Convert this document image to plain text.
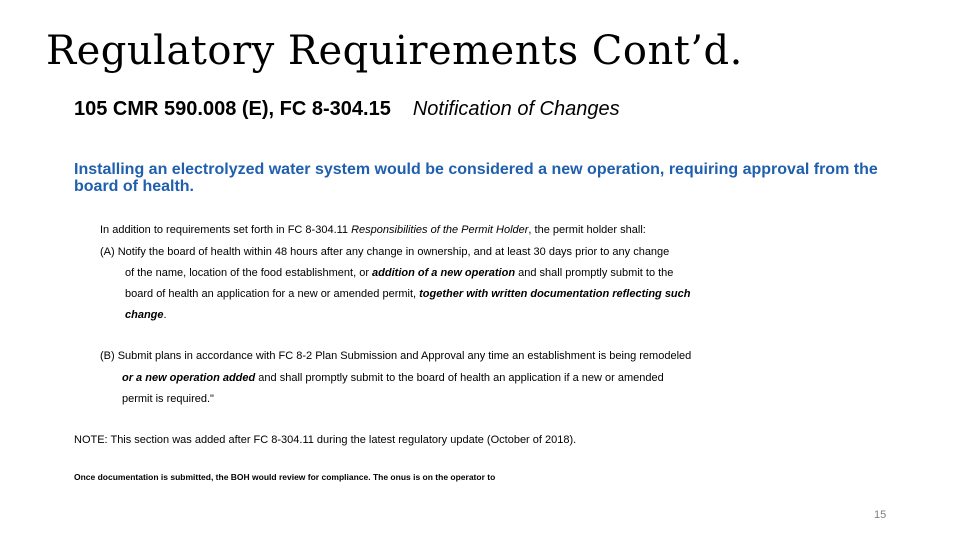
Regulatory Requirements Cont’d.
105 CMR 590.008 (E), FC 8-304.15 Notification of Changes
Installing an electrolyzed water system would be considered a new operation, requiring approval from the board of health.
In addition to requirements set forth in FC 8-304.11 Responsibilities of the Permit Holder, the permit holder shall:
(A) Notify the board of health within 48 hours after any change in ownership, and at least 30 days prior to any change
of the name, location of the food establishment, or addition of a new operation and shall promptly submit to the
board of health an application for a new or amended permit, together with written documentation reflecting such
change.
(B) Submit plans in accordance with FC 8-2 Plan Submission and Approval any time an establishment is being remodeled
or a new operation added and shall promptly submit to the board of health an application if a new or amended
permit is required."
NOTE: This section was added after FC 8-304.11 during the latest regulatory update (October of 2018).
Once documentation is submitted, the BOH would review for compliance. The onus is on the operator to
15
